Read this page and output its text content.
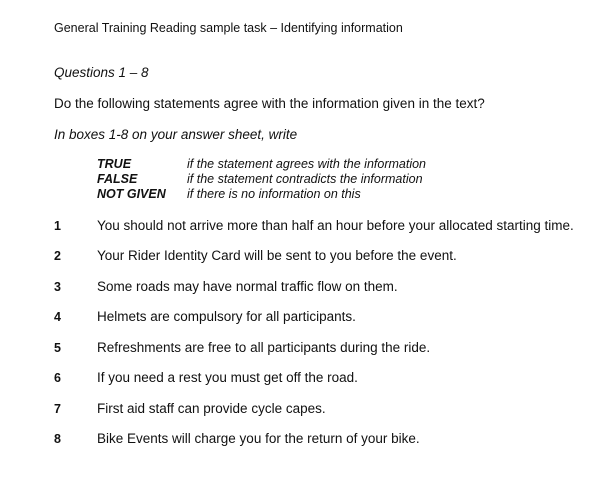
General Training Reading sample task – Identifying information
Questions 1 – 8
Do the following statements agree with the information given in the text?
In boxes 1-8 on your answer sheet, write
TRUE	if the statement agrees with the information
FALSE	if the statement contradicts the information
NOT GIVEN	if there is no information on this
1	You should not arrive more than half an hour before your allocated starting time.
2	Your Rider Identity Card will be sent to you before the event.
3	Some roads may have normal traffic flow on them.
4	Helmets are compulsory for all participants.
5	Refreshments are free to all participants during the ride.
6	If you need a rest you must get off the road.
7	First aid staff can provide cycle capes.
8	Bike Events will charge you for the return of your bike.
